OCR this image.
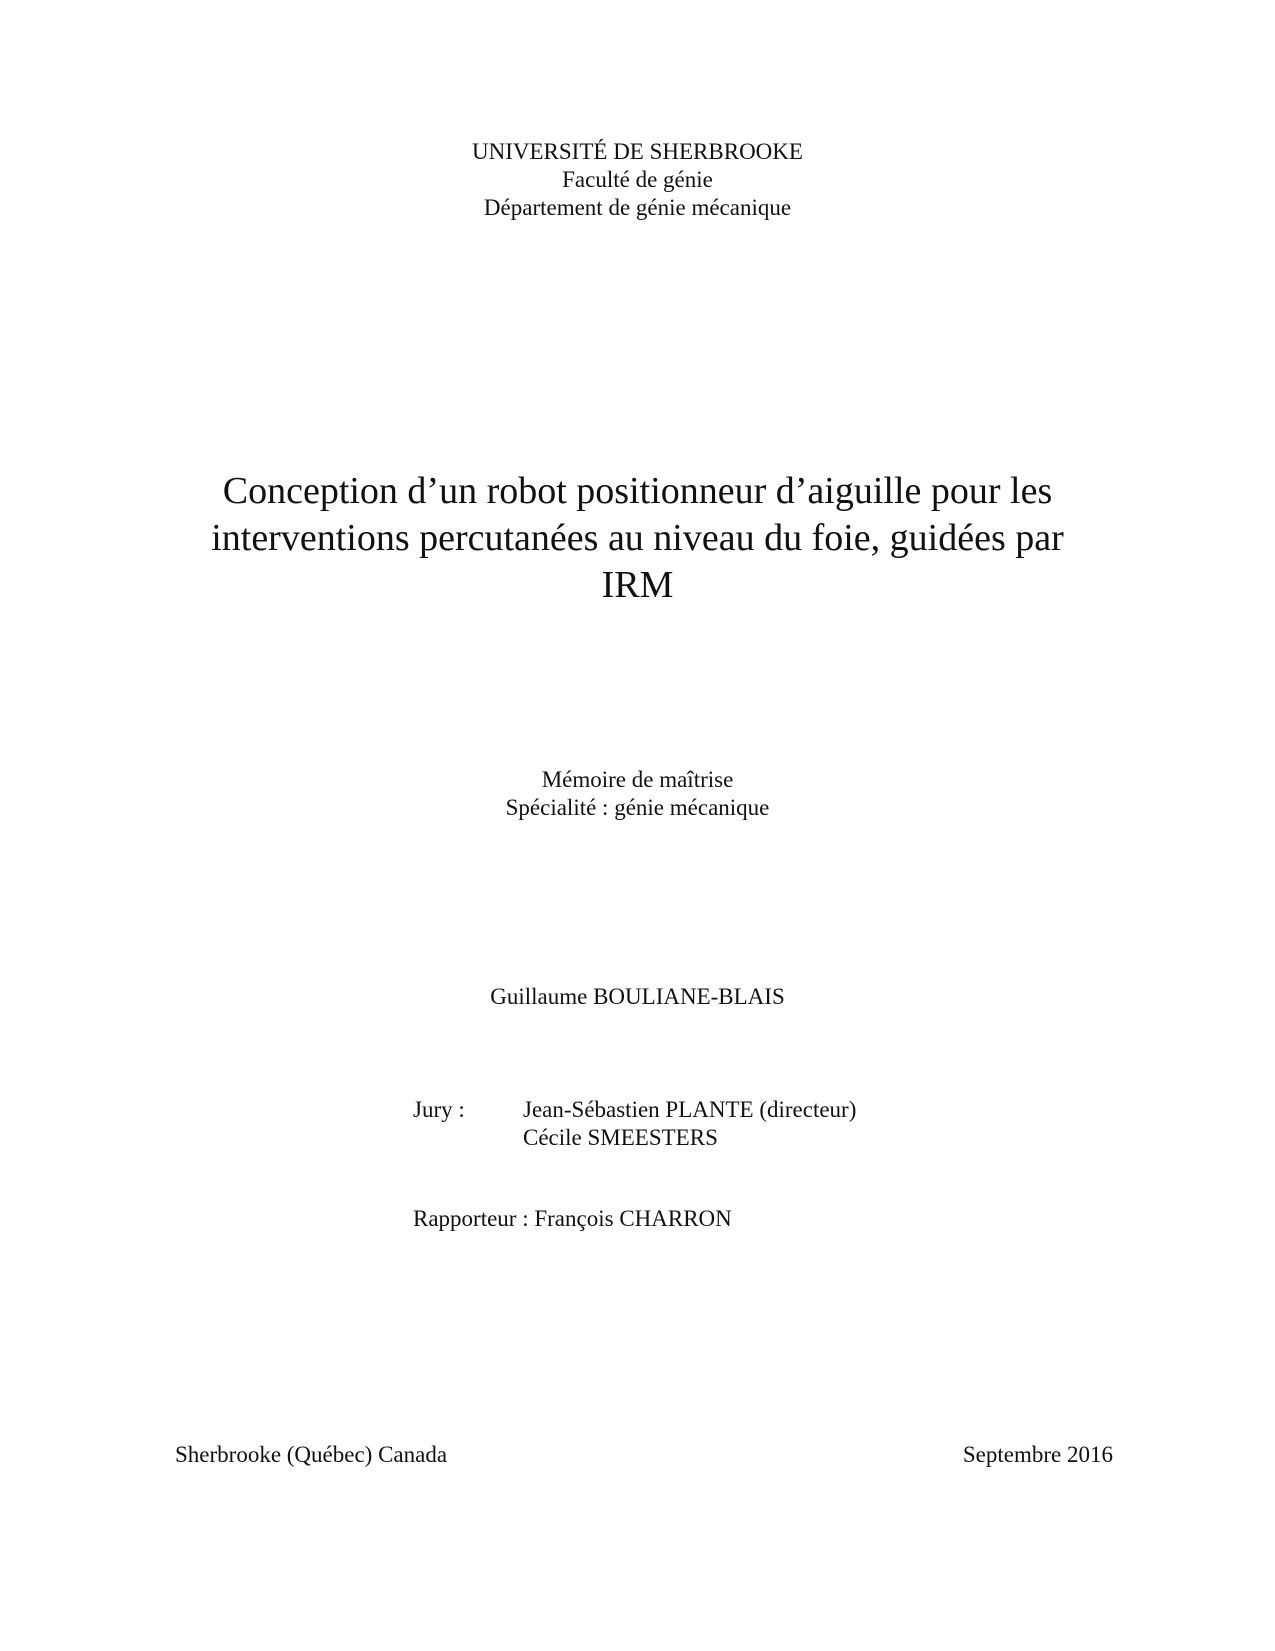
UNIVERSITÉ DE SHERBROOKE
Faculté de génie
Département de génie mécanique
Conception d’un robot positionneur d’aiguille pour les
interventions percutanées au niveau du foie, guidées par
IRM
Mémoire de maîtrise
Spécialité : génie mécanique
Guillaume BOULIANE-BLAIS
Jury :	Jean-Sébastien PLANTE (directeur)
Cécile SMEESTERS
Rapporteur : François CHARRON
Sherbrooke (Québec) Canada	Septembre 2016
